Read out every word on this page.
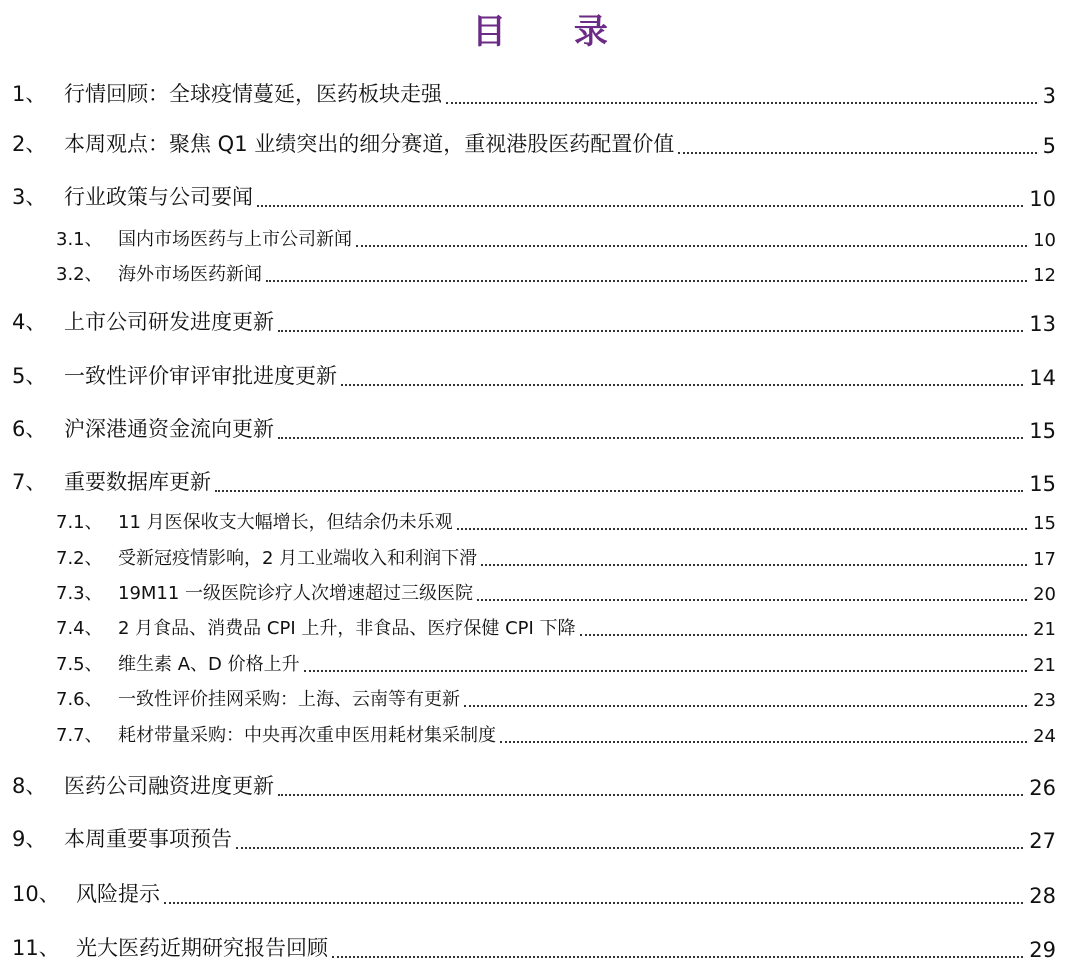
目 录
1、 行情回顾：全球疫情蔓延，医药板块走强	3
2、 本周观点：聚焦 Q1 业绩突出的细分赛道，重视港股医药配置价值	5
3、 行业政策与公司要闻	10
3.1、 国内市场医药与上市公司新闻	10
3.2、 海外市场医药新闻	12
4、 上市公司研发进度更新	13
5、 一致性评价审评审批进度更新	14
6、 沪深港通资金流向更新	15
7、 重要数据库更新	15
7.1、 11 月医保收支大幅增长，但结余仍未乐观	15
7.2、 受新冠疫情影响，2 月工业端收入和利润下滑	17
7.3、 19M11 一级医院诊疗人次增速超过三级医院	20
7.4、 2 月食品、消费品 CPI 上升，非食品、医疗保健 CPI 下降	21
7.5、 维生素 A、D 价格上升	21
7.6、 一致性评价挂网采购：上海、云南等有更新	23
7.7、 耗材带量采购：中央再次重申医用耗材集采制度	24
8、 医药公司融资进度更新	26
9、 本周重要事项预告	27
10、 风险提示	28
11、 光大医药近期研究报告回顾	29
